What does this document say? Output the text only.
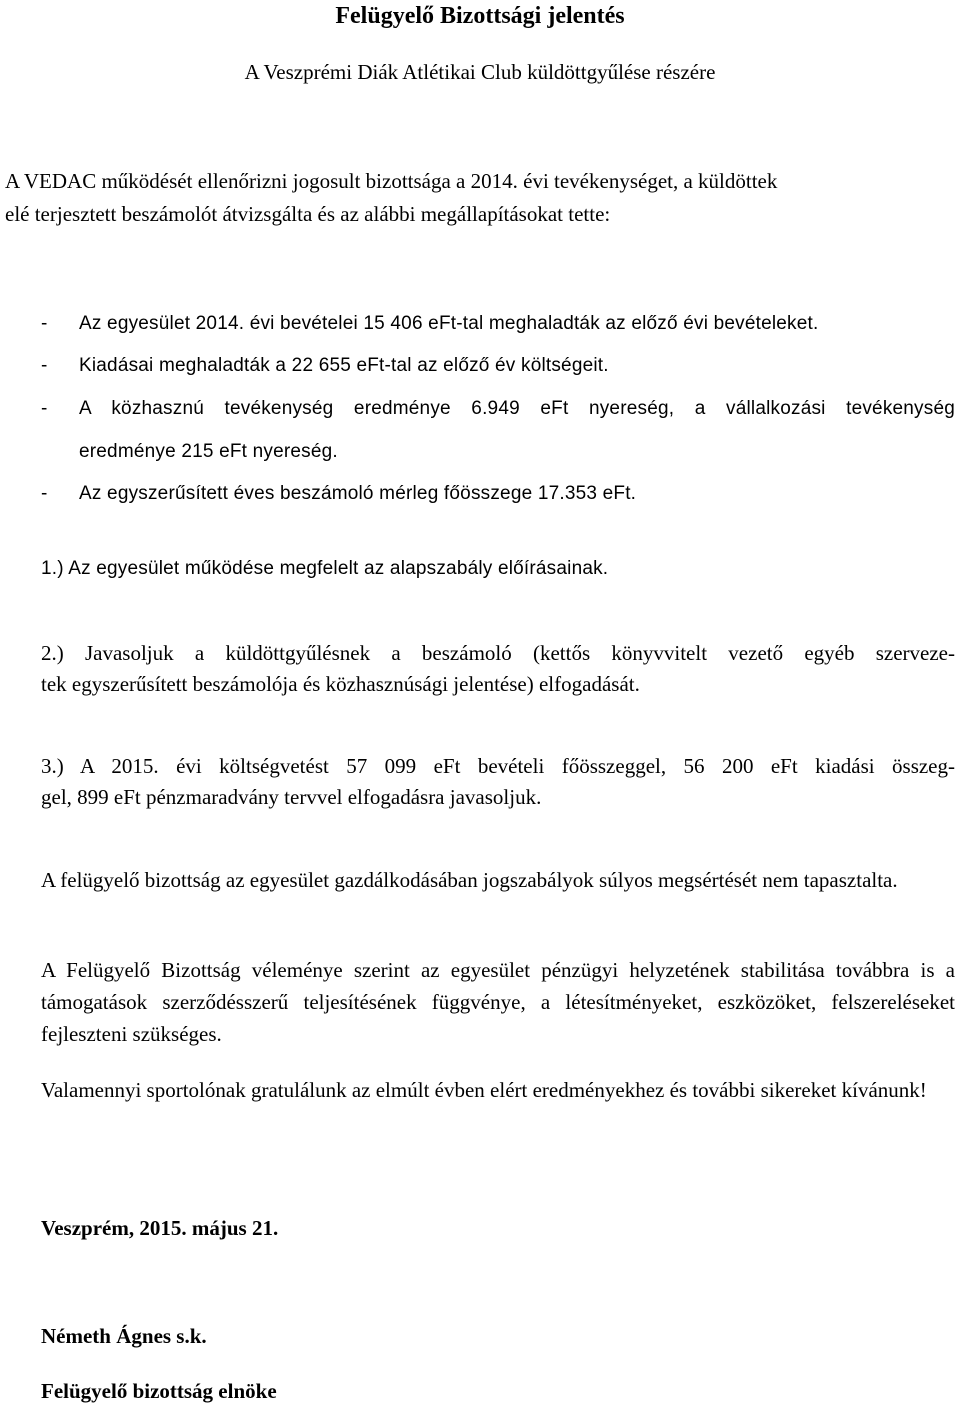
Felügyelő Bizottsági jelentés
A Veszprémi Diák Atlétikai Club küldöttgyűlése részére
A VEDAC működését ellenőrizni jogosult bizottsága a 2014. évi tevékenységet, a küldöttek
elé terjesztett beszámolót átvizsgálta és az alábbi megállapításokat tette:
- Az egyesület 2014. évi bevételei 15 406 eFt-tal meghaladták az előző évi bevételeket.
- Kiadásai meghaladták a 22 655 eFt-tal az előző év költségeit.
- A közhasznú tevékenység eredménye 6.949 eFt nyereség, a vállalkozási tevékenység
eredménye 215 eFt nyereség.
- Az egyszerűsített éves beszámoló mérleg főösszege 17.353 eFt.
1.) Az egyesület működése megfelelt az alapszabály előírásainak.
2.) Javasoljuk a küldöttgyűlésnek a beszámoló (kettős könyvvitelt vezető egyéb szerveze-
tek egyszerűsített beszámolója és közhasznúsági jelentése) elfogadását.
3.) A 2015. évi költségvetést 57 099 eFt bevételi főösszeggel, 56 200 eFt kiadási összeg-
gel, 899 eFt pénzmaradvány tervvel elfogadásra javasoljuk.
A felügyelő bizottság az egyesület gazdálkodásában jogszabályok súlyos megsértését nem tapasztalta.
A Felügyelő Bizottság véleménye szerint az egyesület pénzügyi helyzetének stabilitása továbbra is a támogatások szerződésszerű teljesítésének függvénye, a létesítményeket, eszközöket, felszereléseket fejleszteni szükséges.
Valamennyi sportolónak gratulálunk az elmúlt évben elért eredményekhez és további sikereket kívánunk!
Veszprém, 2015. május 21.
Németh Ágnes s.k.
Felügyelő bizottság elnöke
